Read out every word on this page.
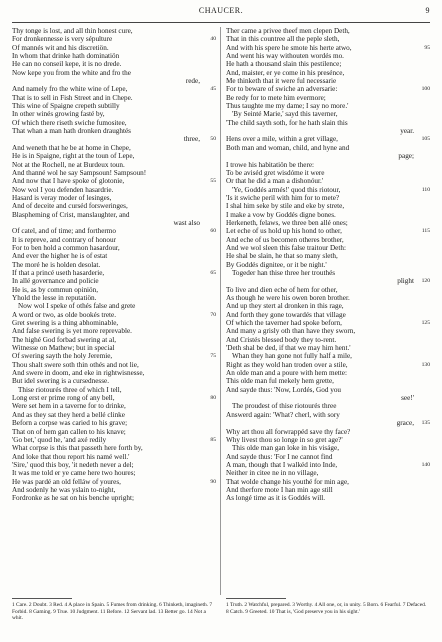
CHAUCER.	9
Thy tonge is lost, and all thin honest cure,
For dronkennesse is very sépulture	40
Of mannés wit and his discretiön.
In whom that drinke hath dominatiön
He can no conseil kepe, it is no drede.
Now kepe you from the white and fro the
rede,
And namely fro the white wine of Lepe,	45
That is to sell in Fish Street and in Chepe.
This wine of Spaigne crepeth subtilly
In other winés growing fasté by,
Of which there riseth swiche fumositee,
That whan a man hath dronken draughtés
three, 50
And weneth that he be at home in Chepe,
He is in Spaigne, right at the toun of Lepe,
Not at the Rochell, ne at Burdeux toun.
And thanné wol he say Sampsoun! Sampsoun!
And now that I have spoke of glotonie,	55
Now wol I you defenden hasardrie.
Hasard is veray moder of lesinges,
And of deceite and curséd forsweringes,
Blaspheming of Crist, manslaughter, and
wast also
Of catel, and of time; and forthermo	60
It is repreve, and contrary of honour
For to ben hold a common hasardour,
And ever the higher he is of estat
The moré he is holden desolat.
If that a princé useth hasarderie,	65
In allé governance and policie
He is, as by commun opiniön,
Yhold the lesse in reputatiön.
Now wol I speke of othés false and grete
A word or two, as olde bookés trete.	70
Gret swering is a thing abhominable,
And false swering is yet more reprevable.
The highé God forbad swering at al,
Witnesse on Mathew; but in special
Of swering sayth the holy Jeremie,	75
Thou shalt swere soth thin othés and not lie,
And swere in doom, and eke in rightwisnesse,
But idel swering is a cursednesse.
Thise riotourés three of which I tell,
Long erst er prime rong of any bell,	80
Were set hem in a taverne for to drinke,
And as they sat they herd a bellé clinke
Beforn a corpse was caried to his grave;
That on of hem gan callen to his knave;
'Go bet,' quod he, 'and axé redily	85
What corpse is this that passeth here forth by,
And loke that thou report his namé well.'
'Sire,' quod this boy, 'it nedeth never a del;
It was me told er ye came here two houres;
He was pardé an old felláw of youres,	90
And sodenly he was yslain to-night,
Fordronke as he sat on his benche upright;
Ther came a privee theef men clepen Deth,
That in this countree all the peple sleth,
And with his spere he smote his herte atwo,	95
And went his way withouten wordés mo.
He hath a thousand slain this pestilence;
And, maister, er ye come in his presénce,
Me thinketh that it were ful necessarie
For to beware of swiche an adversarie:	100
Be redy for to mete him evermore;
Thus taughte me my dame; I say no more.'
'By Seinté Marie,' sayd this taverner,
'The child sayth soth, for he hath slain this
year.
Hens over a mile, within a gret village,	105
Both man and woman, child, and hyne and
page;
I trowe his habitatiön be there:
To be aviséd gret wisdóme it were
Or that he did a man a dishonóur.'
'Ye, Goddés armés!' quod this riotour,	110
'Is it swiche peril with him for to mete?
I shal him seke by stile and eke by strete,
I make a vow by Goddés digne bones.
Herkeneth, felaws, we three ben allé ones;
Let eche of us hold up his hond to other,	115
And eche of us becomen otheres brother,
And we wol sleen this false traitour Deth:
He shal be slain, he that so many sleth,
By Goddés dignitee, or it be night.'
Togeder han thise three her trouthés
plight 120
To live and dien eche of hem for other,
As though he were his owen boren brother.
And up they stert al dronken in this rage,
And forth they gone towardés that village
Of which the taverner had spoke beforn,	125
And many a grisly oth than have they sworn,
And Cristés blessed body they to-rent.
'Deth shal be ded, if that we may him hent.'
Whan they han gone not fully half a mile,
Right as they wold han troden over a stile,	130
An olde man and a poure with hem mette:
This olde man ful mekely hem grette,
And sayde thus: 'Now, Lordés, God you
see!'
The proudest of thise riotourés three
Answerd again: 'What? cherl, with sory
grace, 135
Why art thou all forwrappéd save thy face?
Why livest thou so longe in so gret age?'
This olde man gan loke in his viságe,
And sayde thus: 'For I ne cannot find
A man, though that I walkéd into Inde,	140
Neither in citee ne in no village,
That wolde change his youthé for min age,
And therfore mote I han min age still
As longé time as it is Goddés will.
1 Care. 2 Doubt. 3 Red. 4 A place in Spain. 5 Fumes from drinking. 6 Thinketh, imagineth. 7 Forbid. 8 Gaming. 9 True. 10 Judgment. 11 Before. 12 Servant lad. 13 Better go. 14 Not a whit.
1 Truth. 2 Watchful, prepared. 3 Worthy. 4 All one, or, in unity. 5 Born. 6 Fearful. 7 Defaced. 8 Catch. 9 Greeted. 10 That is, 'God preserve you in his sight.'
